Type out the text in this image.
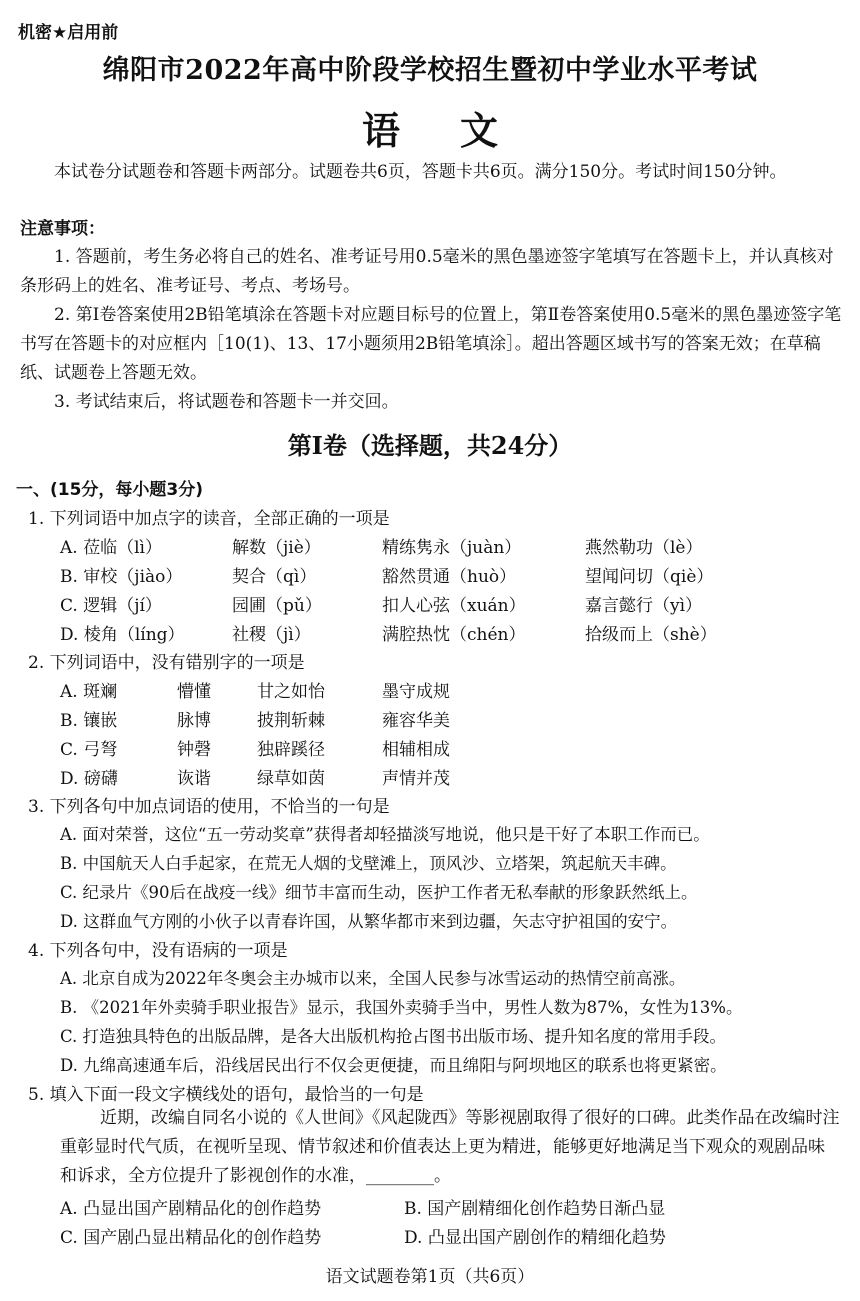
机密★启用前
绵阳市2022年高中阶段学校招生暨初中学业水平考试
语文
本试卷分试题卷和答题卡两部分。试题卷共6页，答题卡共6页。满分150分。考试时间150分钟。
注意事项：
1. 答题前，考生务必将自己的姓名、准考证号用0.5毫米的黑色墨迹签字笔填写在答题卡上，并认真核对条形码上的姓名、准考证号、考点、考场号。
2. 第Ⅰ卷答案使用2B铅笔填涂在答题卡对应题目标号的位置上，第Ⅱ卷答案使用0.5毫米的黑色墨迹签字笔书写在答题卡的对应框内［10(1)、13、17小题须用2B铅笔填涂］。超出答题区域书写的答案无效；在草稿纸、试题卷上答题无效。
3. 考试结束后，将试题卷和答题卡一并交回。
第Ⅰ卷（选择题，共24分）
一、(15分，每小题3分)
1. 下列词语中加点字的读音，全部正确的一项是
A. 莅临（lì）	解数（jiè）	精练隽永（juàn）	燕然勒功（lè）
B. 审校（jiào）	契合（qì）	豁然贯通（huò）	望闻问切（qiè）
C. 逻辑（jí）	园圃（pǔ）	扣人心弦（xuán）	嘉言懿行（yì）
D. 棱角（líng）	社稷（jì）	满腔热忱（chén）	拾级而上（shè）
2. 下列词语中，没有错别字的一项是
A. 斑斓	懵懂	甘之如怡	墨守成规
B. 镶嵌	脉博	披荆斩棘	雍容华美
C. 弓弩	钟磬	独辟蹊径	相辅相成
D. 磅礴	诙谐	绿草如茵	声情并茂
3. 下列各句中加点词语的使用，不恰当的一句是
A. 面对荣誉，这位“五一劳动奖章”获得者却轻描淡写地说，他只是干好了本职工作而已。
B. 中国航天人白手起家，在荒无人烟的戈壁滩上，顶风沙、立塔架，筑起航天丰碑。
C. 纪录片《90后在战疫一线》细节丰富而生动，医护工作者无私奉献的形象跃然纸上。
D. 这群血气方刚的小伙子以青春许国，从繁华都市来到边疆，矢志守护祖国的安宁。
4. 下列各句中，没有语病的一项是
A. 北京自成为2022年冬奥会主办城市以来，全国人民参与冰雪运动的热情空前高涨。
B. 《2021年外卖骑手职业报告》显示，我国外卖骑手当中，男性人数为87%，女性为13%。
C. 打造独具特色的出版品牌，是各大出版机构抢占图书出版市场、提升知名度的常用手段。
D. 九绵高速通车后，沿线居民出行不仅会更便捷，而且绵阳与阿坝地区的联系也将更紧密。
5. 填入下面一段文字横线处的语句，最恰当的一句是
近期，改编自同名小说的《人世间》《风起陇西》等影视剧取得了很好的口碑。此类作品在改编时注重彰显时代气质，在视听呈现、情节叙述和价值表达上更为精进，能够更好地满足当下观众的观剧品味和诉求，全方位提升了影视创作的水准，________。
A. 凸显出国产剧精品化的创作趋势	B. 国产剧精细化创作趋势日渐凸显
C. 国产剧凸显出精品化的创作趋势	D. 凸显出国产剧创作的精细化趋势
语文试题卷第1页（共6页）
